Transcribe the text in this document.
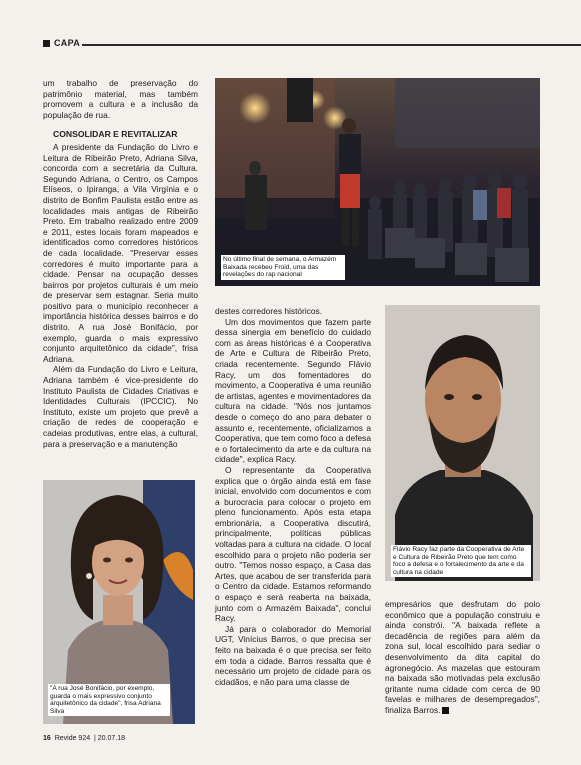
CAPA

um trabalho de preservação do patrimônio material, mas também promovem a cultura e a inclusão da população de rua.

CONSOLIDAR E REVITALIZAR

A presidente da Fundação do Livro e Leitura de Ribeirão Preto, Adriana Silva, concorda com a secretária da Cultura. Segundo Adriana, o Centro, os Campos Elíseos, o Ipiranga, a Vila Virgínia e o distrito de Bonfim Paulista estão entre as localidades mais antigas de Ribeirão Preto. Em trabalho realizado entre 2009 e 2011, estes locais foram mapeados e identificados como corredores históricos de cada localidade. "Preservar esses corredores é muito importante para a cidade. Pensar na ocupação desses bairros por projetos culturais é um meio de preservar sem estagnar. Seria muito positivo para o município reconhecer a importância histórica desses bairros e do distrito. A rua José Bonifácio, por exemplo, guarda o mais expressivo conjunto arquitetônico da cidade", frisa Adriana.

Além da Fundação do Livro e Leitura, Adriana também é vice-presidente do Instituto Paulista de Cidades Criativas e Identidades Culturais (IPCCIC). No Instituto, existe um projeto que prevê a criação de redes de cooperação e cadeias produtivas, entre elas, a cultural, para a preservação e a manutenção

No último final de semana, o Armazém Baixada recebeu Froid, uma das revelações do rap nacional

destes corredores históricos.

Um dos movimentos que fazem parte dessa sinergia em benefício do cuidado com as áreas históricas é a Cooperativa de Arte e Cultura de Ribeirão Preto, criada recentemente. Segundo Flávio Racy, um dos fomentadores do movimento, a Cooperativa é uma reunião de artistas, agentes e movimentadores da cultura na cidade. "Nós nos juntamos desde o começo do ano para debater o assunto e, recentemente, oficializamos a Cooperativa, que tem como foco a defesa e o fortalecimento da arte e da cultura na cidade", explica Racy.

O representante da Cooperativa explica que o órgão ainda está em fase inicial, envolvido com documentos e com a burocracia para colocar o projeto em pleno funcionamento. Após esta etapa embrionária, a Cooperativa discutirá, principalmente, políticas públicas voltadas para a cultura na cidade. O local escolhido para o projeto não poderia ser outro. "Temos nosso espaço, a Casa das Artes, que acabou de ser transferida para o Centro da cidade. Estamos reformando o espaço e será reaberta na baixada, junto com o Armazém Baixada", conclui Racy.

Já para o colaborador do Memorial UGT, Vinícius Barros, o que precisa ser feito na baixada é o que precisa ser feito em toda a cidade. Barros ressalta que é necessário um projeto de cidade para os cidadãos, e não para uma classe de

Flávio Racy faz parte da Cooperativa de Arte e Cultura de Ribeirão Preto que tem como foco a defesa e o fortalecimento da arte e da cultura na cidade
"A rua José Bonifácio, por exemplo, guarda o mais expressivo conjunto arquitetônico da cidade", frisa Adriana Silva

empresários que desfrutam do polo econômico que a população construiu e ainda constrói. "A baixada reflete a decadência de regiões para além da zona sul, local escolhido para sediar o desenvolvimento da dita capital do agronegócio. As mazelas que estouram na baixada são motivadas pela exclusão gritante numa cidade com cerca de 90 favelas e milhares de desempregados", finaliza Barros.

16 Revide 924  | 20.07.18
